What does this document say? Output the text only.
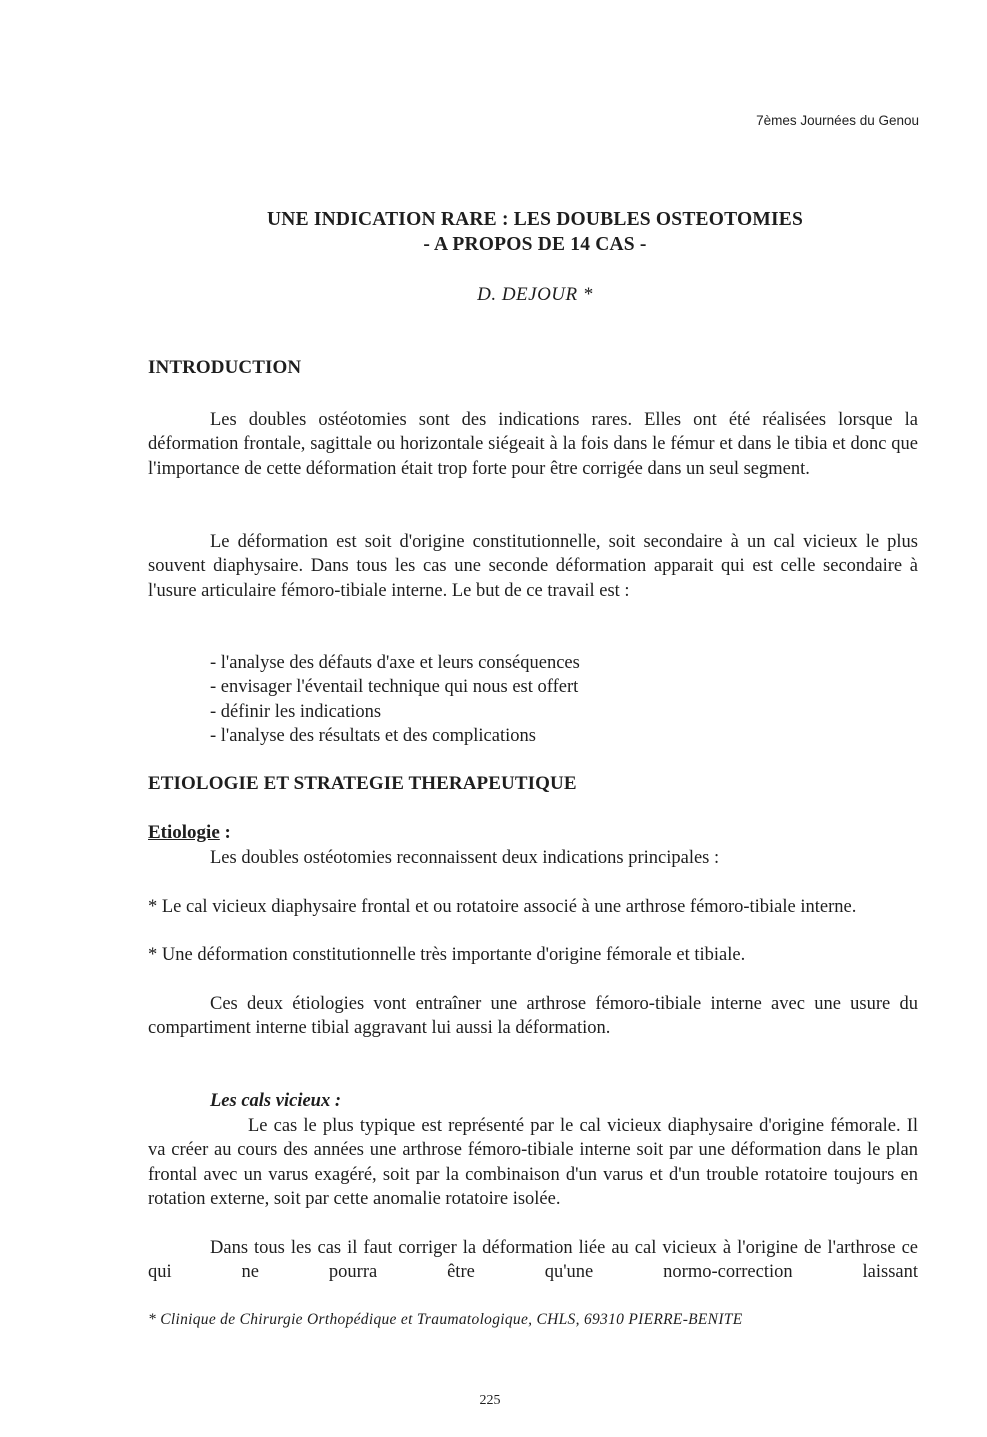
7èmes Journées du Genou
UNE INDICATION RARE : LES DOUBLES OSTEOTOMIES
- A PROPOS DE 14 CAS -
D. DEJOUR *
INTRODUCTION

Les doubles ostéotomies sont des indications rares. Elles ont été réalisées lorsque la déformation frontale, sagittale ou horizontale siégeait à la fois dans le fémur et dans le tibia et donc que l'importance de cette déformation était trop forte pour être corrigée dans un seul segment.

Le déformation est soit d'origine constitutionnelle, soit secondaire à un cal vicieux le plus souvent diaphysaire. Dans tous les cas une seconde déformation apparait qui est celle secondaire à l'usure articulaire fémoro-tibiale interne. Le but de ce travail est :

- l'analyse des défauts d'axe et leurs conséquences
- envisager l'éventail technique qui nous est offert
- définir les indications
- l'analyse des résultats et des complications
ETIOLOGIE ET STRATEGIE THERAPEUTIQUE
Etiologie :

Les doubles ostéotomies reconnaissent deux indications principales :

* Le cal vicieux diaphysaire frontal et ou rotatoire associé à une arthrose fémoro-tibiale interne.

* Une déformation constitutionnelle très importante d'origine fémorale et tibiale.

Ces deux étiologies vont entraîner une arthrose fémoro-tibiale interne avec une usure du compartiment interne tibial aggravant lui aussi la déformation.

Les cals vicieux :

Le cas le plus typique est représenté par le cal vicieux diaphysaire d'origine fémorale. Il va créer au cours des années une arthrose fémoro-tibiale interne soit par une déformation dans le plan frontal avec un varus exagéré, soit par la combinaison d'un varus et d'un trouble rotatoire toujours en rotation externe, soit par cette anomalie rotatoire isolée.

Dans tous les cas il faut corriger la déformation liée au cal vicieux à l'origine de l'arthrose ce qui ne pourra être qu'une normo-correction laissant

* Clinique de Chirurgie Orthopédique et Traumatologique, CHLS, 69310 PIERRE-BENITE
225
